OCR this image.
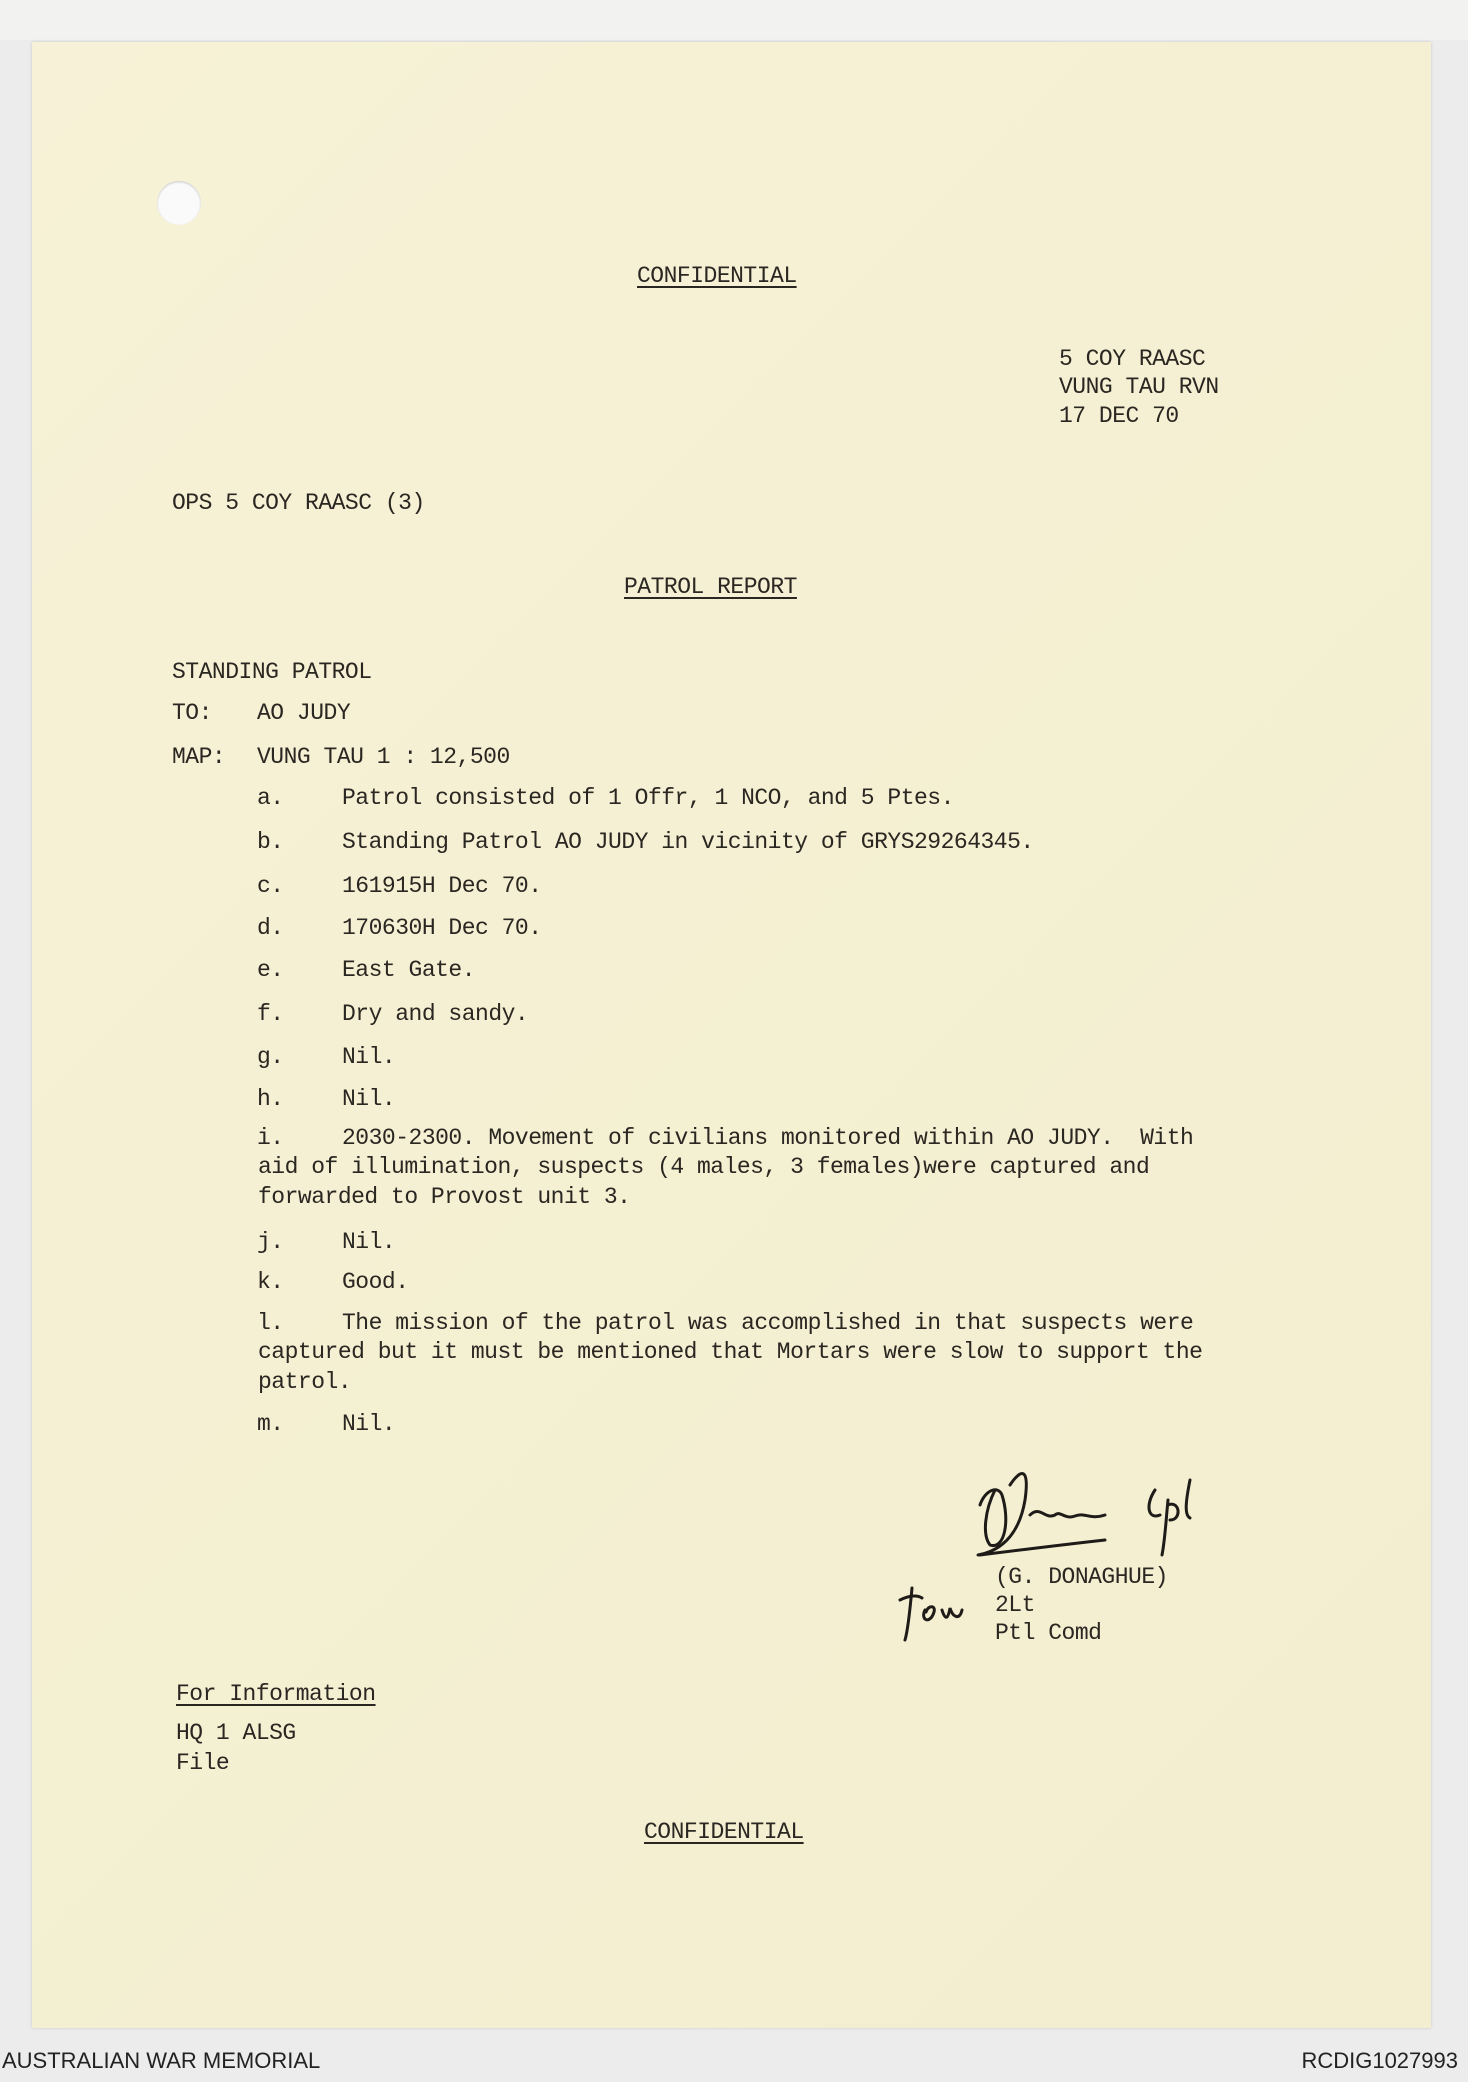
CONFIDENTIAL
5 COY RAASC
VUNG TAU RVN
17 DEC 70
OPS 5 COY RAASC (3)
PATROL REPORT
STANDING PATROL
TO: AO JUDY
MAP: VUNG TAU 1 : 12,500
a.	Patrol consisted of 1 Offr, 1 NCO, and 5 Ptes.
b.	Standing Patrol AO JUDY in vicinity of GRYS29264345.
c.	161915H Dec 70.
d.	170630H Dec 70.
e.	East Gate.
f.	Dry and sandy.
g.	Nil.
h.	Nil.
i.	2030-2300. Movement of civilians monitored within AO JUDY.  With
aid of illumination, suspects (4 males, 3 females)were captured and
forwarded to Provost unit 3.
j.	Nil.
k.	Good.
l.	The mission of the patrol was accomplished in that suspects were
captured but it must be mentioned that Mortars were slow to support the
patrol.
m.	Nil.
(G. DONAGHUE)
2Lt
Ptl Comd
For Information
HQ 1 ALSG
File
CONFIDENTIAL
AUSTRALIAN WAR MEMORIAL	RCDIG1027993
